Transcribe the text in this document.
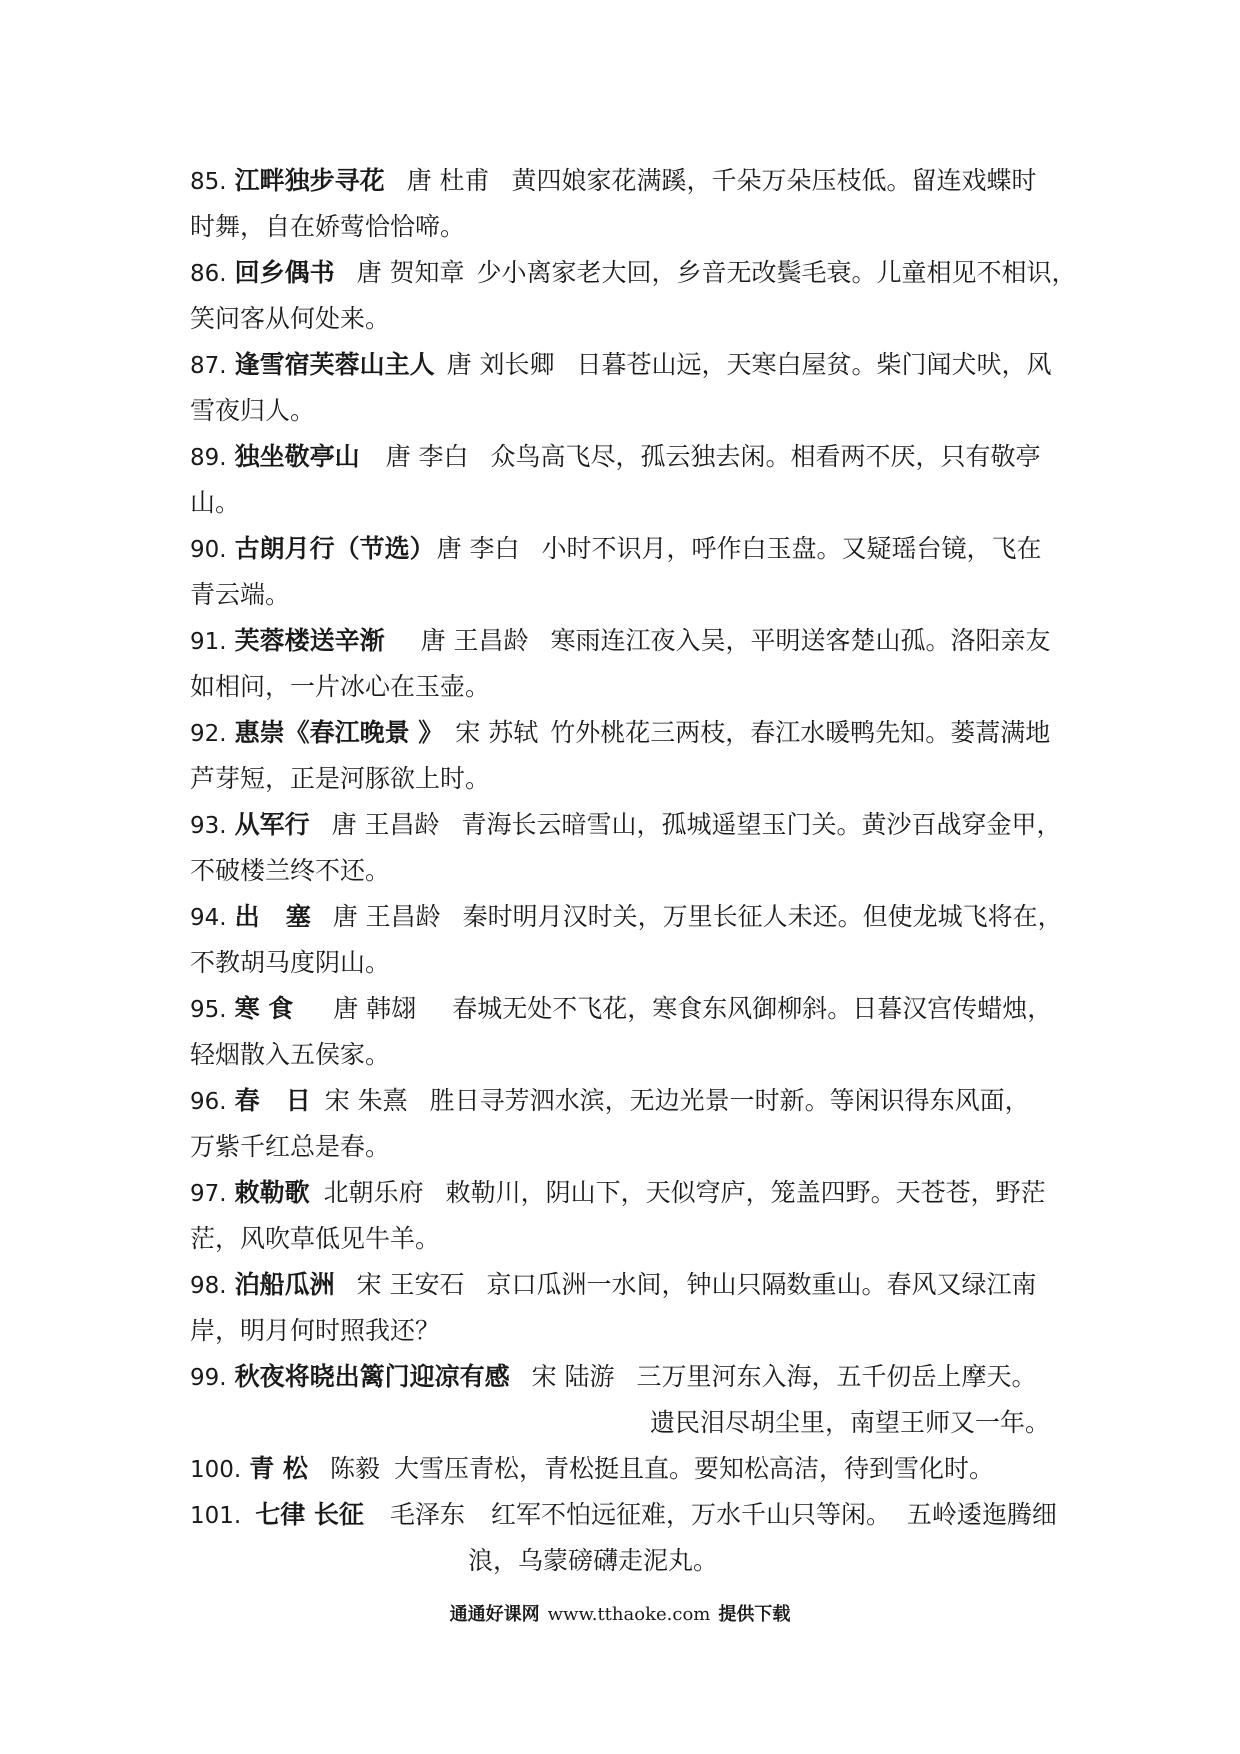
85. 江畔独步寻花 唐 杜甫 黄四娘家花满蹊，千朵万朵压枝低。留连戏蝶时
时舞，自在娇莺恰恰啼。
86. 回乡偶书 唐 贺知章 少小离家老大回，乡音无改鬓毛衰。儿童相见不相识，
笑问客从何处来。
87. 逢雪宿芙蓉山主人 唐 刘长卿 日暮苍山远，天寒白屋贫。柴门闻犬吠，风
雪夜归人。
89. 独坐敬亭山 唐 李白 众鸟高飞尽，孤云独去闲。相看两不厌，只有敬亭
山。
90. 古朗月行（节选）唐 李白 小时不识月，呼作白玉盘。又疑瑶台镜，飞在
青云端。
91. 芙蓉楼送辛渐 唐 王昌龄 寒雨连江夜入吴，平明送客楚山孤。洛阳亲友
如相问，一片冰心在玉壶。
92. 惠崇《春江晚景 》 宋 苏轼 竹外桃花三两枝，春江水暖鸭先知。蒌蒿满地
芦芽短，正是河豚欲上时。
93. 从军行 唐 王昌龄 青海长云暗雪山，孤城遥望玉门关。黄沙百战穿金甲，
不破楼兰终不还。
94. 出   塞 唐 王昌龄 秦时明月汉时关，万里长征人未还。但使龙城飞将在，
不教胡马度阴山。
95. 寒 食 唐 韩翃 春城无处不飞花，寒食东风御柳斜。日暮汉宫传蜡烛，
轻烟散入五侯家。
96. 春   日 宋 朱熹 胜日寻芳泗水滨，无边光景一时新。等闲识得东风面，
万紫千红总是春。
97. 敕勒歌 北朝乐府 敕勒川，阴山下，天似穹庐，笼盖四野。天苍苍，野茫
茫，风吹草低见牛羊。
98. 泊船瓜洲 宋 王安石 京口瓜洲一水间，钟山只隔数重山。春风又绿江南
岸，明月何时照我还？
99. 秋夜将晓出篱门迎凉有感 宋 陆游 三万里河东入海，五千仞岳上摩天。
遗民泪尽胡尘里，南望王师又一年。
100. 青 松 陈毅 大雪压青松，青松挺且直。要知松高洁，待到雪化时。
101. 七律 长征 毛泽东 红军不怕远征难，万水千山只等闲。  五岭逶迤腾细
浪，乌蒙磅礴走泥丸。
通通好课网 www.tthaoke.com 提供下载
